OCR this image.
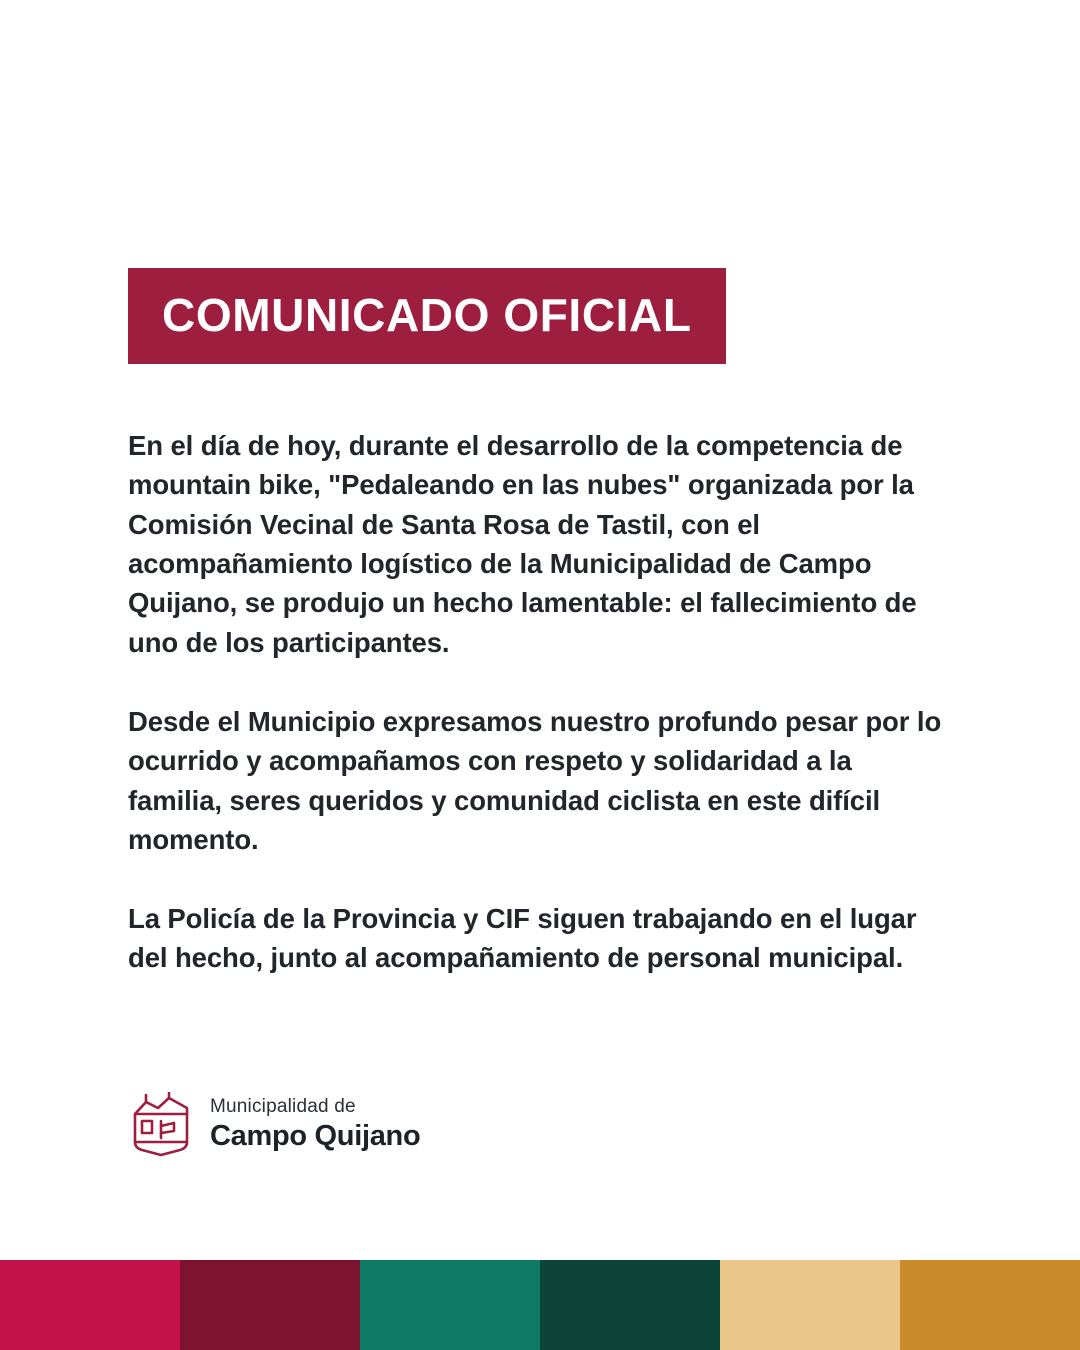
COMUNICADO OFICIAL

En el día de hoy, durante el desarrollo de la competencia de mountain bike, "Pedaleando en las nubes" organizada por la Comisión Vecinal de Santa Rosa de Tastil, con el acompañamiento logístico de la Municipalidad de Campo Quijano, se produjo un hecho lamentable: el fallecimiento de uno de los participantes.

Desde el Municipio expresamos nuestro profundo pesar por lo ocurrido y acompañamos con respeto y solidaridad a la familia, seres queridos y comunidad ciclista en este difícil momento.

La Policía de la Provincia y CIF siguen trabajando en el lugar del hecho, junto al acompañamiento de personal municipal.

Municipalidad de
Campo Quijano
